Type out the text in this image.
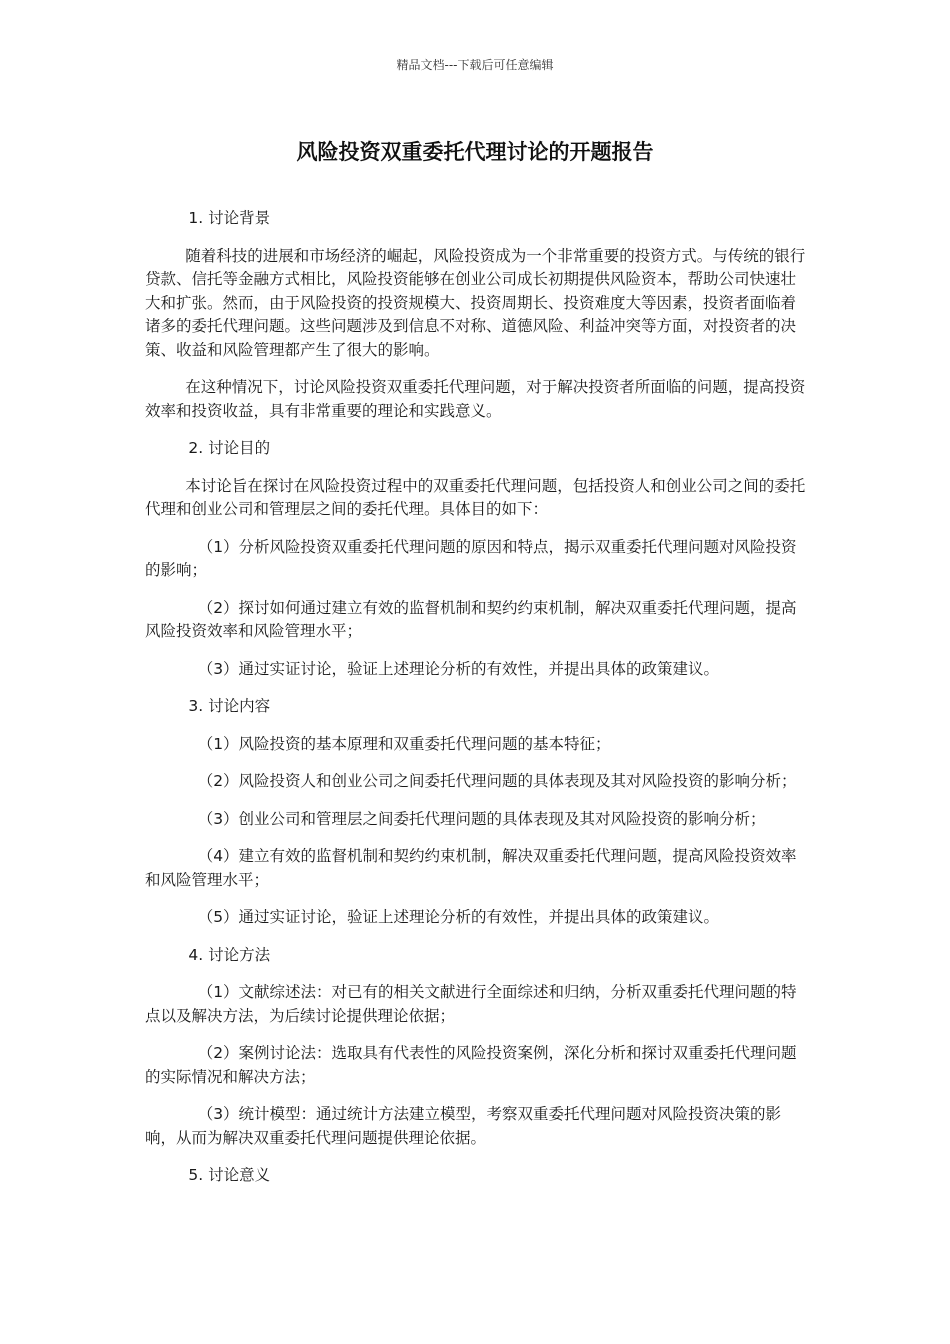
精品文档---下载后可任意编辑
风险投资双重委托代理讨论的开题报告

1. 讨论背景

随着科技的进展和市场经济的崛起，风险投资成为一个非常重要的投资方式。与传统的银行贷款、信托等金融方式相比，风险投资能够在创业公司成长初期提供风险资本，帮助公司快速壮大和扩张。然而，由于风险投资的投资规模大、投资周期长、投资难度大等因素，投资者面临着诸多的委托代理问题。这些问题涉及到信息不对称、道德风险、利益冲突等方面，对投资者的决策、收益和风险管理都产生了很大的影响。

在这种情况下，讨论风险投资双重委托代理问题，对于解决投资者所面临的问题，提高投资效率和投资收益，具有非常重要的理论和实践意义。

2. 讨论目的

本讨论旨在探讨在风险投资过程中的双重委托代理问题，包括投资人和创业公司之间的委托代理和创业公司和管理层之间的委托代理。具体目的如下：

（1）分析风险投资双重委托代理问题的原因和特点，揭示双重委托代理问题对风险投资的影响；

（2）探讨如何通过建立有效的监督机制和契约约束机制，解决双重委托代理问题，提高风险投资效率和风险管理水平；

（3）通过实证讨论，验证上述理论分析的有效性，并提出具体的政策建议。

3. 讨论内容

（1）风险投资的基本原理和双重委托代理问题的基本特征；

（2）风险投资人和创业公司之间委托代理问题的具体表现及其对风险投资的影响分析；

（3）创业公司和管理层之间委托代理问题的具体表现及其对风险投资的影响分析；

（4）建立有效的监督机制和契约约束机制，解决双重委托代理问题，提高风险投资效率和风险管理水平；

（5）通过实证讨论，验证上述理论分析的有效性，并提出具体的政策建议。

4. 讨论方法

（1）文献综述法：对已有的相关文献进行全面综述和归纳，分析双重委托代理问题的特点以及解决方法，为后续讨论提供理论依据；

（2）案例讨论法：选取具有代表性的风险投资案例，深化分析和探讨双重委托代理问题的实际情况和解决方法；

（3）统计模型：通过统计方法建立模型，考察双重委托代理问题对风险投资决策的影响，从而为解决双重委托代理问题提供理论依据。

5. 讨论意义
